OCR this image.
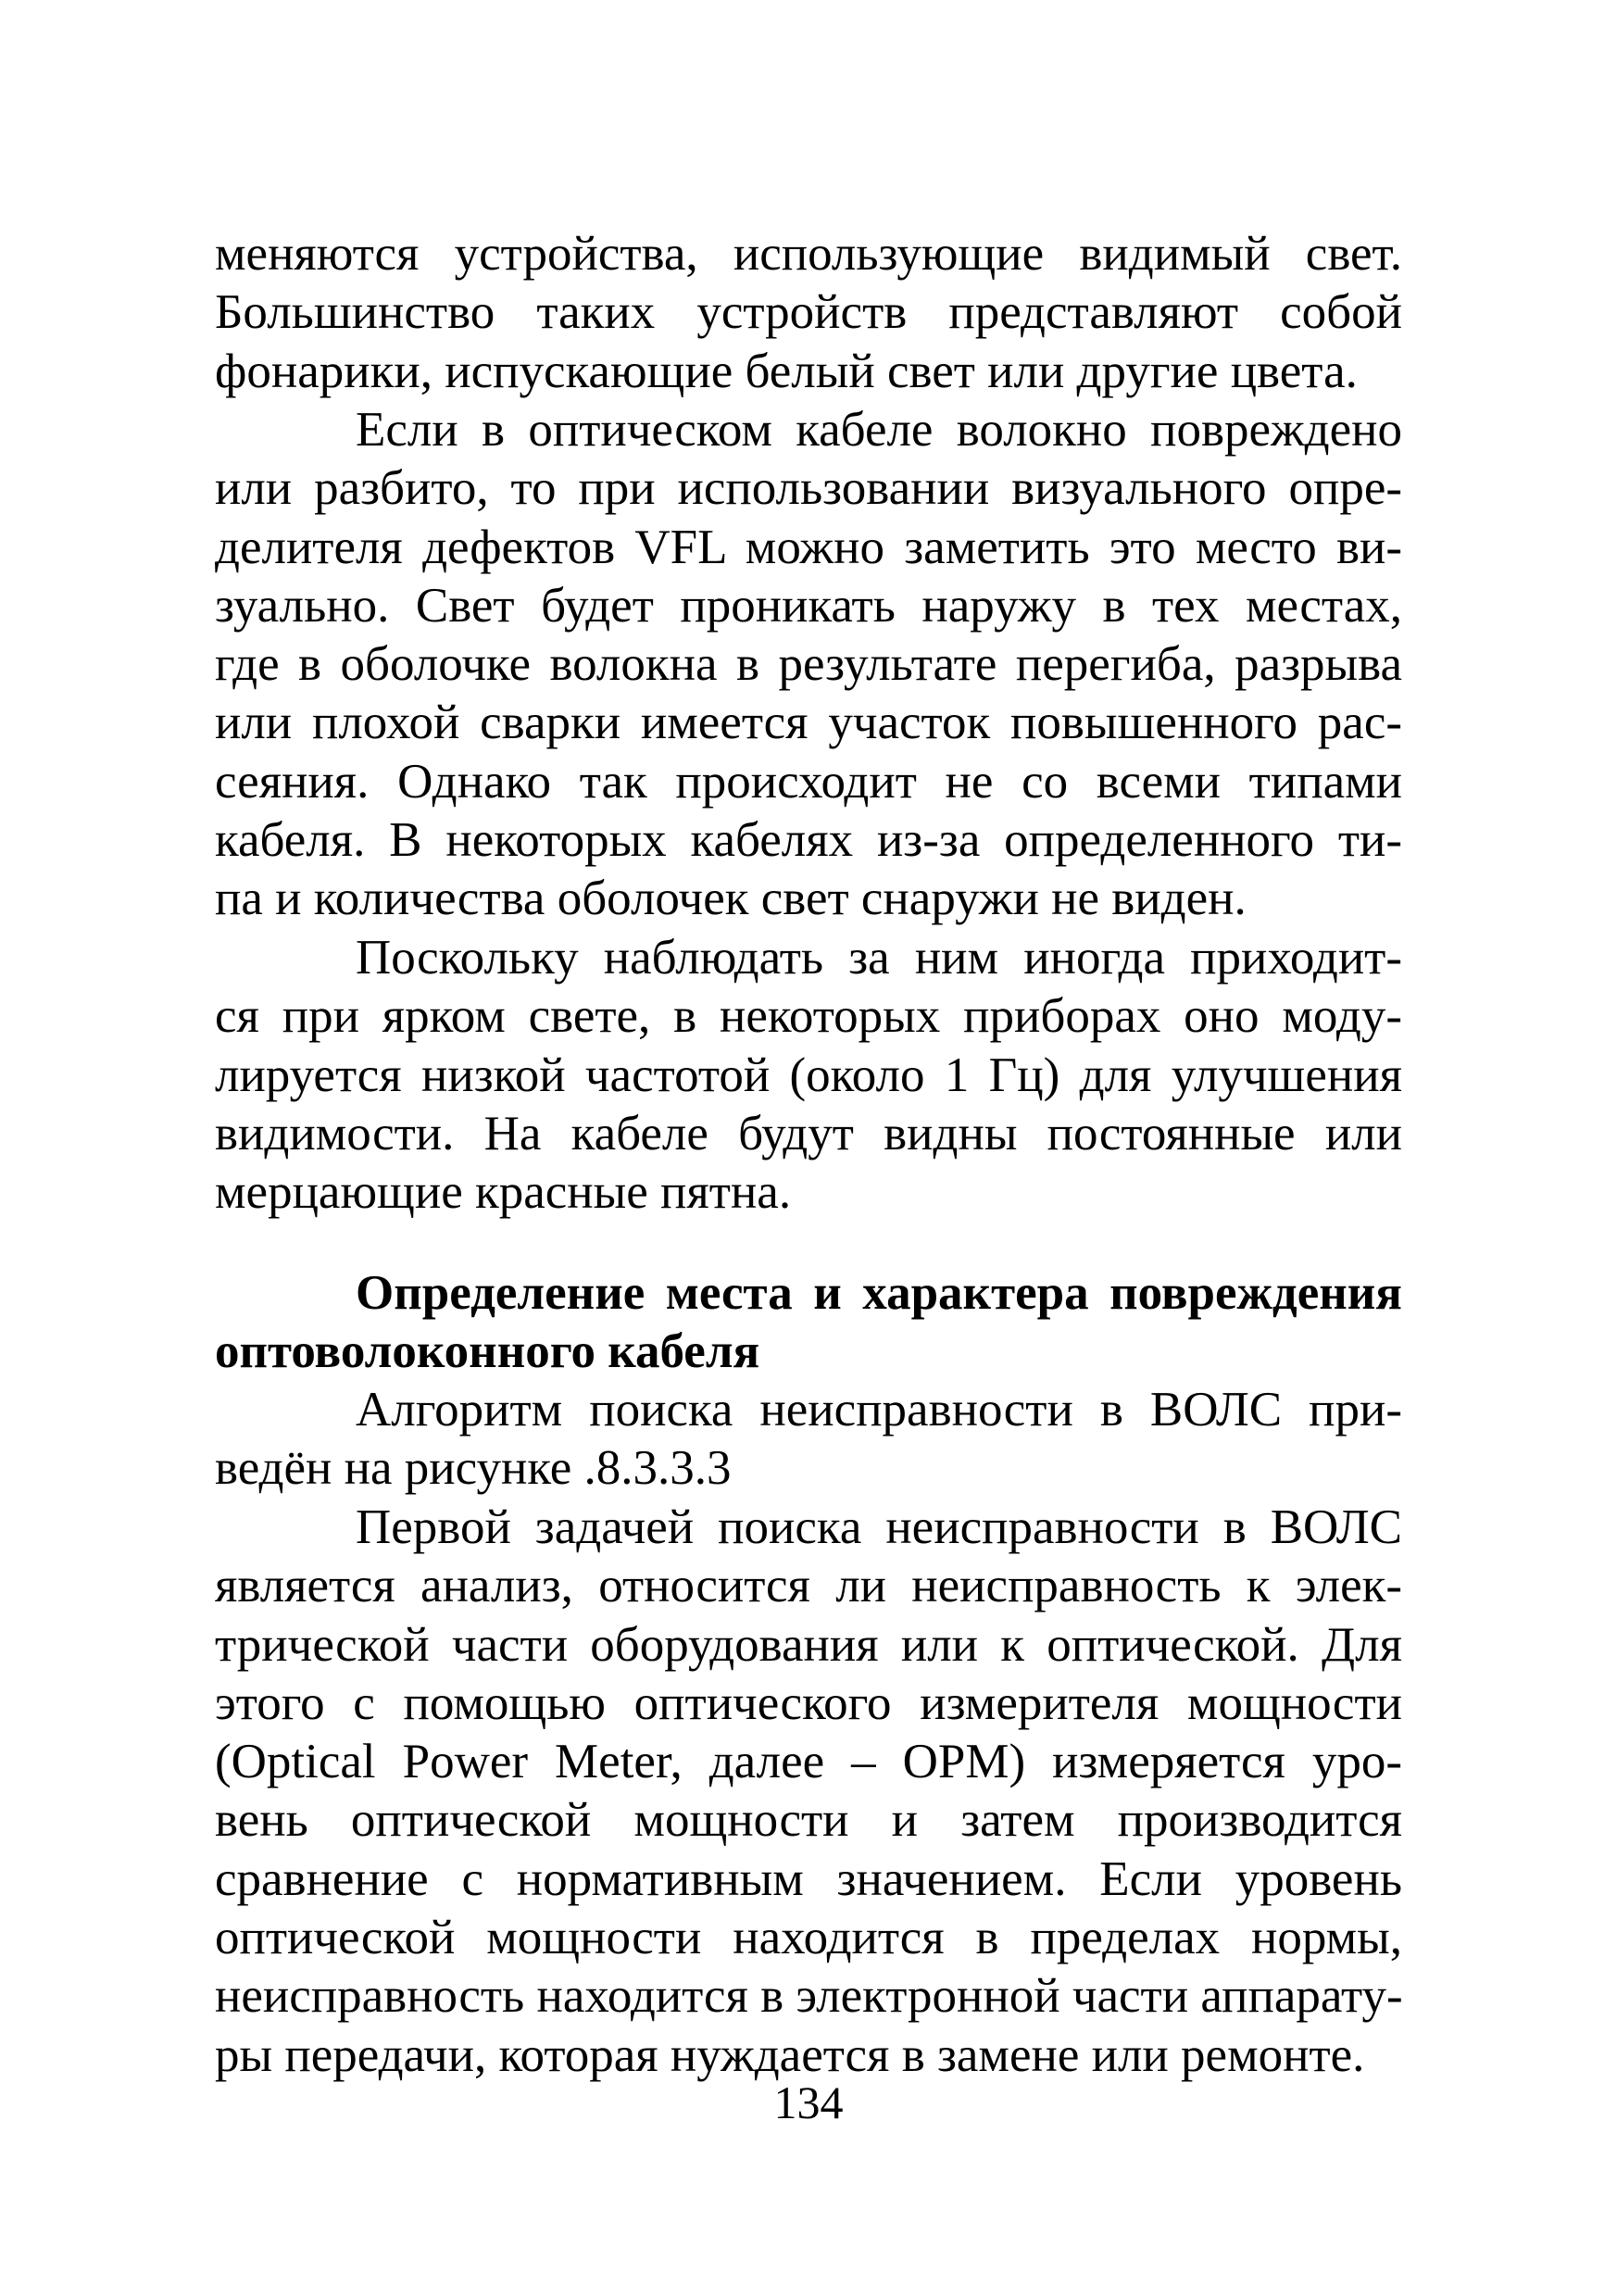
меняются устройства, использующие видимый свет.
Большинство таких устройств представляют собой
фонарики, испускающие белый свет или другие цвета.
Если в оптическом кабеле волокно повреждено
или разбито, то при использовании визуального опре-
делителя дефектов VFL можно заметить это место ви-
зуально. Свет будет проникать наружу в тех местах,
где в оболочке волокна в результате перегиба, разрыва
или плохой сварки имеется участок повышенного рас-
сеяния. Однако так происходит не со всеми типами
кабеля. В некоторых кабелях из-за определенного ти-
па и количества оболочек свет снаружи не виден.
Поскольку наблюдать за ним иногда приходит-
ся при ярком свете, в некоторых приборах оно моду-
лируется низкой частотой (около 1 Гц) для улучшения
видимости. На кабеле будут видны постоянные или
мерцающие красные пятна.
Определение места и характера повреждения
оптоволоконного кабеля
Алгоритм поиска неисправности в ВОЛС при-
ведён на рисунке .8.3.3.3
Первой задачей поиска неисправности в ВОЛС
является анализ, относится ли неисправность к элек-
трической части оборудования или к оптической. Для
этого с помощью оптического измерителя мощности
(Optical Power Meter, далее – OPM) измеряется уро-
вень оптической мощности и затем производится
сравнение с нормативным значением. Если уровень
оптической мощности находится в пределах нормы,
неисправность находится в электронной части аппарату-
ры передачи, которая нуждается в замене или ремонте.
134
